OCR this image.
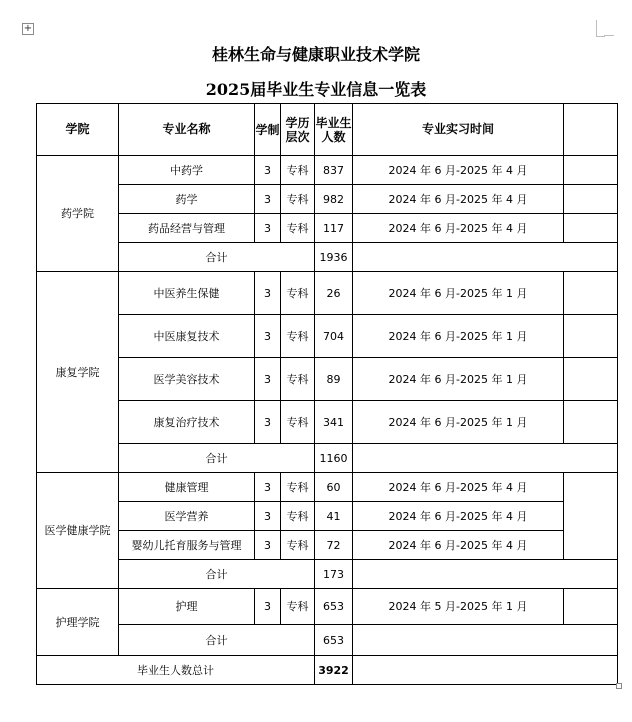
+
桂林生命与健康职业技术学院
2025届毕业生专业信息一览表
学院	专业名称	学制	学历层次	毕业生人数	专业实习时间	
药学院	中药学	3	专科	837	2024 年 6 月-2025 年 4 月	
	药学	3	专科	982	2024 年 6 月-2025 年 4 月	
	药品经营与管理	3	专科	117	2024 年 6 月-2025 年 4 月	
	合计			1936		
康复学院	中医养生保健	3	专科	26	2024 年 6 月-2025 年 1 月	
	中医康复技术	3	专科	704	2024 年 6 月-2025 年 1 月	
	医学美容技术	3	专科	89	2024 年 6 月-2025 年 1 月	
	康复治疗技术	3	专科	341	2024 年 6 月-2025 年 1 月	
	合计			1160		
医学健康学院	健康管理	3	专科	60	2024 年 6 月-2025 年 4 月	
	医学营养	3	专科	41	2024 年 6 月-2025 年 4 月	
	婴幼儿托育服务与管理	3	专科	72	2024 年 6 月-2025 年 4 月	
	合计			173		
护理学院	护理	3	专科	653	2024 年 5 月-2025 年 1 月	
	合计			653		
毕业生人数总计				3922		
